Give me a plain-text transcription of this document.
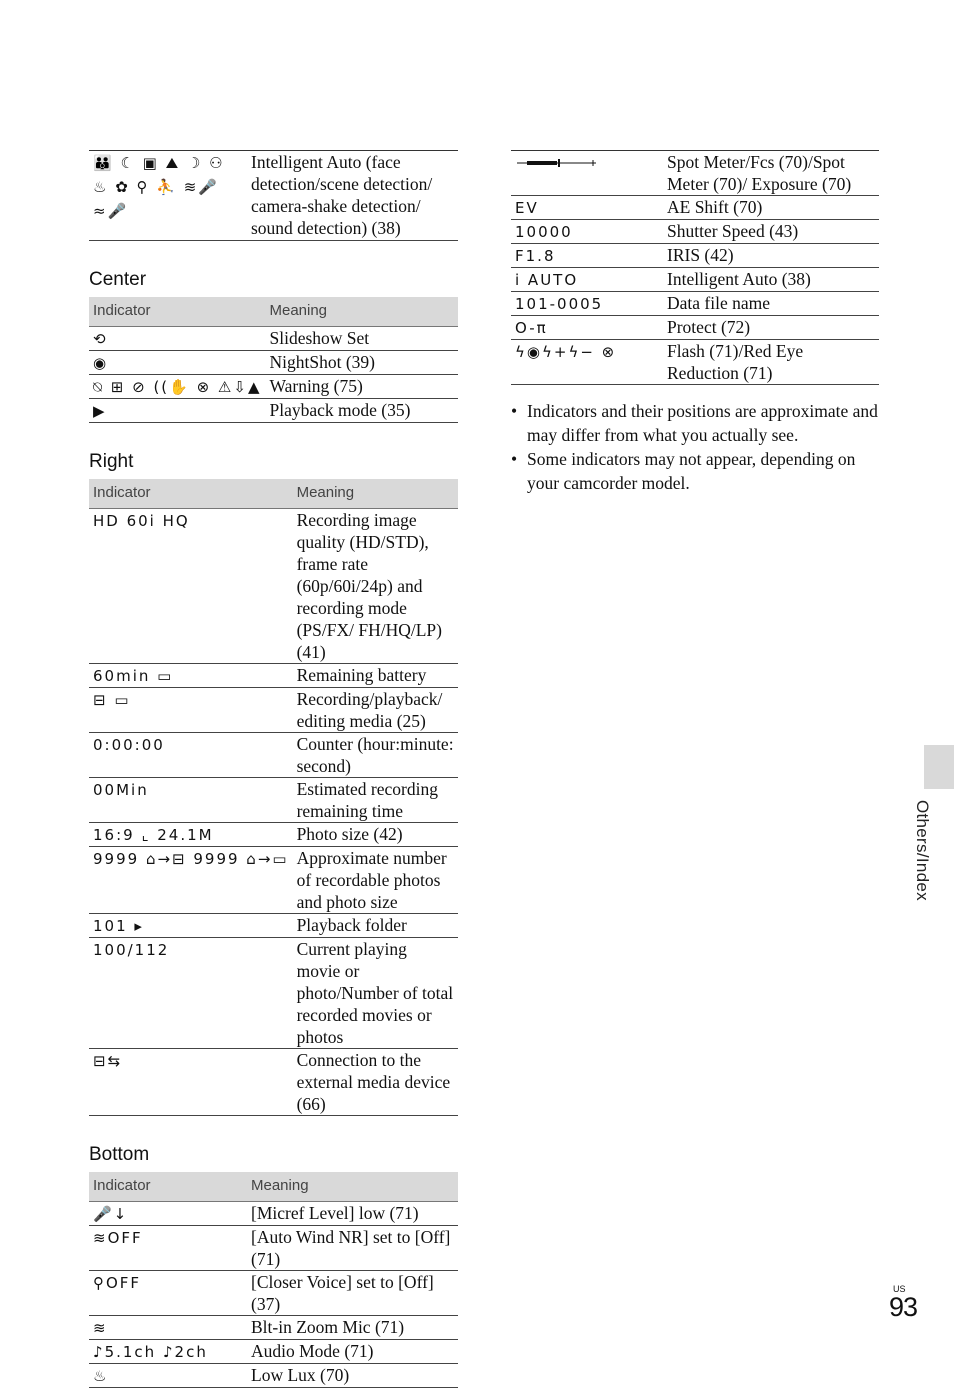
👪 ☾ ▣ ⛰ ☽ ⚇ ♨ ✿ ⚲ ⛹ ≋🎤 ≈🎤
	Intelligent Auto (face detection/scene detection/ camera-shake detection/ sound detection) (38)
Center
Indicator	Meaning
⟲	Slideshow Set
◉	NightShot (39)
⍉ ⊞ ⊘ ((✋ ⊗ ⚠⇩▲	Warning (75)
▶	Playback mode (35)
Right
Indicator	Meaning
HD 60i HQ	Recording image quality (HD/STD), frame rate (60p/60i/24p) and recording mode (PS/FX/ FH/HQ/LP) (41)
60min ▭	Remaining battery
⊟ ▭	Recording/playback/ editing media (25)
0:00:00	Counter (hour:minute: second)
00Min	Estimated recording remaining time
16:9 ⌞ 24.1M	Photo size (42)
9999 ⌂→⊟ 9999 ⌂→▭	Approximate number of recordable photos and photo size
101 ▸	Playback folder
100/112	Current playing movie or photo/Number of total recorded movies or photos
⊟⇆	Connection to the external media device (66)
Bottom
Indicator	Meaning
🎤↓	[Micref Level] low (71)
≋OFF	[Auto Wind NR] set to [Off] (71)
⚲OFF	[Closer Voice] set to [Off] (37)
≋	Blt-in Zoom Mic (71)
♪5.1ch ♪2ch	Audio Mode (71)
♨	Low Lux (70)
	Spot Meter/Fcs (70)/Spot Meter (70)/ Exposure (70)
EV	AE Shift (70)
10000	Shutter Speed (43)
F1.8	IRIS (42)
i AUTO	Intelligent Auto (38)
101-0005	Data file name
O-π	Protect (72)
ϟ◉ϟ+ϟ− ⊗	Flash (71)/Red Eye Reduction (71)
• Indicators and their positions are approximate and may differ from what you actually see.
• Some indicators may not appear, depending on your camcorder model.
Others/Index
US
93
